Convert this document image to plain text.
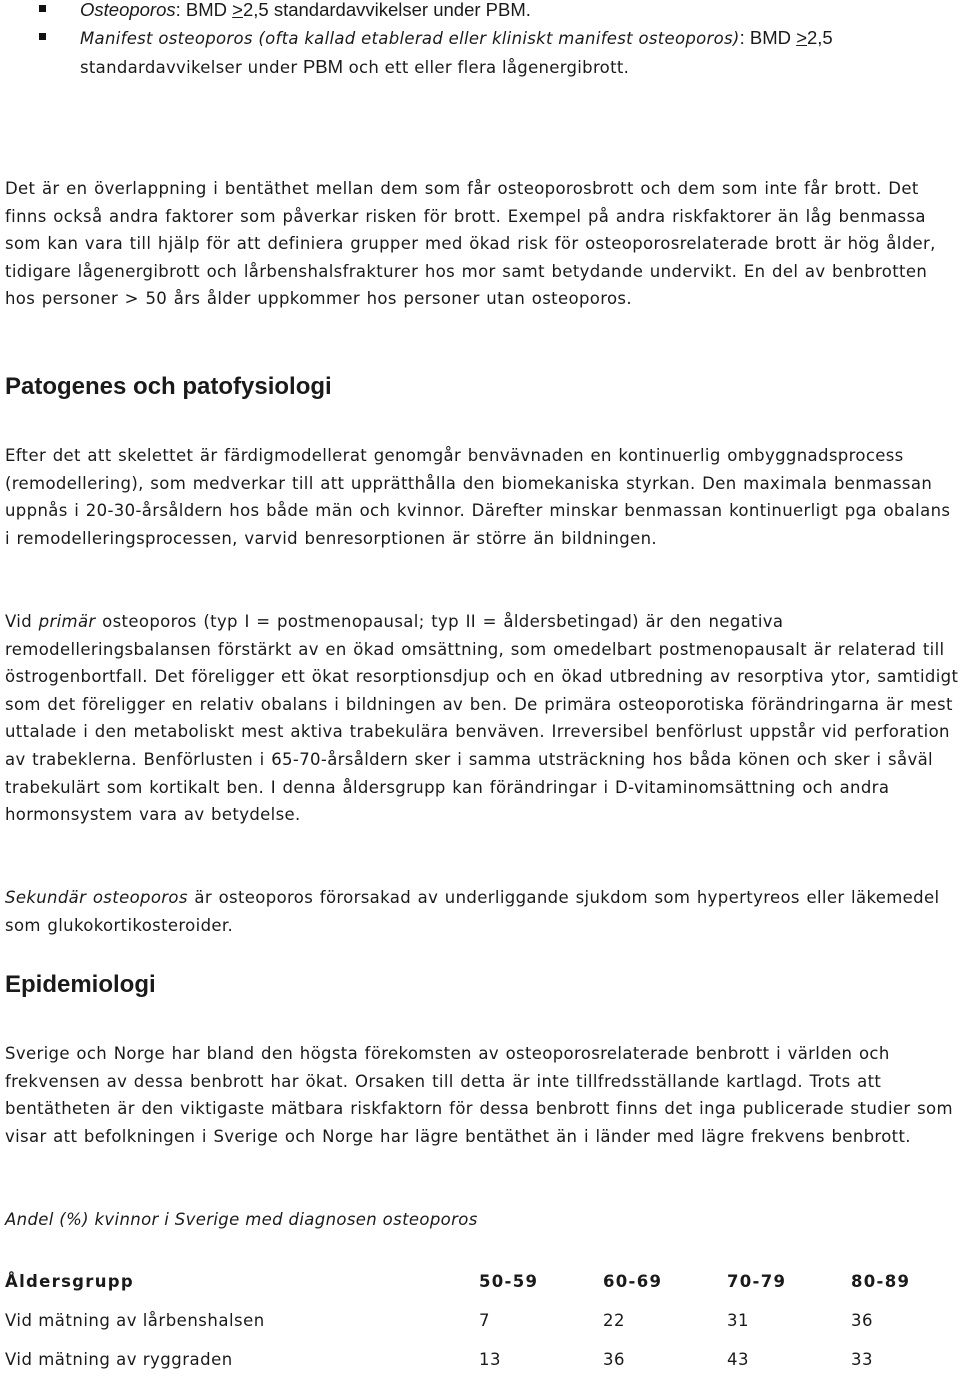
Osteoporos: BMD ≥2,5 standardavvikelser under PBM.
Manifest osteoporos (ofta kallad etablerad eller kliniskt manifest osteoporos): BMD ≥2,5
standardavvikelser under PBM och ett eller flera lågenergibrott.

Det är en överlappning i bentäthet mellan dem som får osteoporosbrott och dem som inte får brott. Det finns också andra faktorer som påverkar risken för brott. Exempel på andra riskfaktorer än låg benmassa som kan vara till hjälp för att definiera grupper med ökad risk för osteoporosrelaterade brott är hög ålder, tidigare lågenergibrott och lårbenshalsfrakturer hos mor samt betydande undervikt. En del av benbrotten hos personer > 50 års ålder uppkommer hos personer utan osteoporos.

Patogenes och patofysiologi

Efter det att skelettet är färdigmodellerat genomgår benvävnaden en kontinuerlig ombyggnadsprocess (remodellering), som medverkar till att upprätthålla den biomekaniska styrkan. Den maximala benmassan uppnås i 20-30-årsåldern hos både män och kvinnor. Därefter minskar benmassan kontinuerligt pga obalans i remodelleringsprocessen, varvid benresorptionen är större än bildningen.

Vid primär osteoporos (typ I = postmenopausal; typ II = åldersbetingad) är den negativa remodelleringsbalansen förstärkt av en ökad omsättning, som omedelbart postmenopausalt är relaterad till östrogenbortfall. Det föreligger ett ökat resorptionsdjup och en ökad utbredning av resorptiva ytor, samtidigt som det föreligger en relativ obalans i bildningen av ben. De primära osteoporotiska förändringarna är mest uttalade i den metaboliskt mest aktiva trabekulära benväven. Irreversibel benförlust uppstår vid perforation av trabeklerna. Benförlusten i 65-70-årsåldern sker i samma utsträckning hos båda könen och sker i såväl trabekulärt som kortikalt ben. I denna åldersgrupp kan förändringar i D-vitaminomsättning och andra hormonsystem vara av betydelse.

Sekundär osteoporos är osteoporos förorsakad av underliggande sjukdom som hypertyreos eller läkemedel som glukokortikosteroider.

Epidemiologi

Sverige och Norge har bland den högsta förekomsten av osteoporosrelaterade benbrott i världen och frekvensen av dessa benbrott har ökat. Orsaken till detta är inte tillfredsställande kartlagd. Trots att bentätheten är den viktigaste mätbara riskfaktorn för dessa benbrott finns det inga publicerade studier som visar att befolkningen i Sverige och Norge har lägre bentäthet än i länder med lägre frekvens benbrott.

Andel (%) kvinnor i Sverige med diagnosen osteoporos
Åldersgrupp	50-59	60-69	70-79	80-89
Vid mätning av lårbenshalsen	7	22	31	36
Vid mätning av ryggraden	13	36	43	33
